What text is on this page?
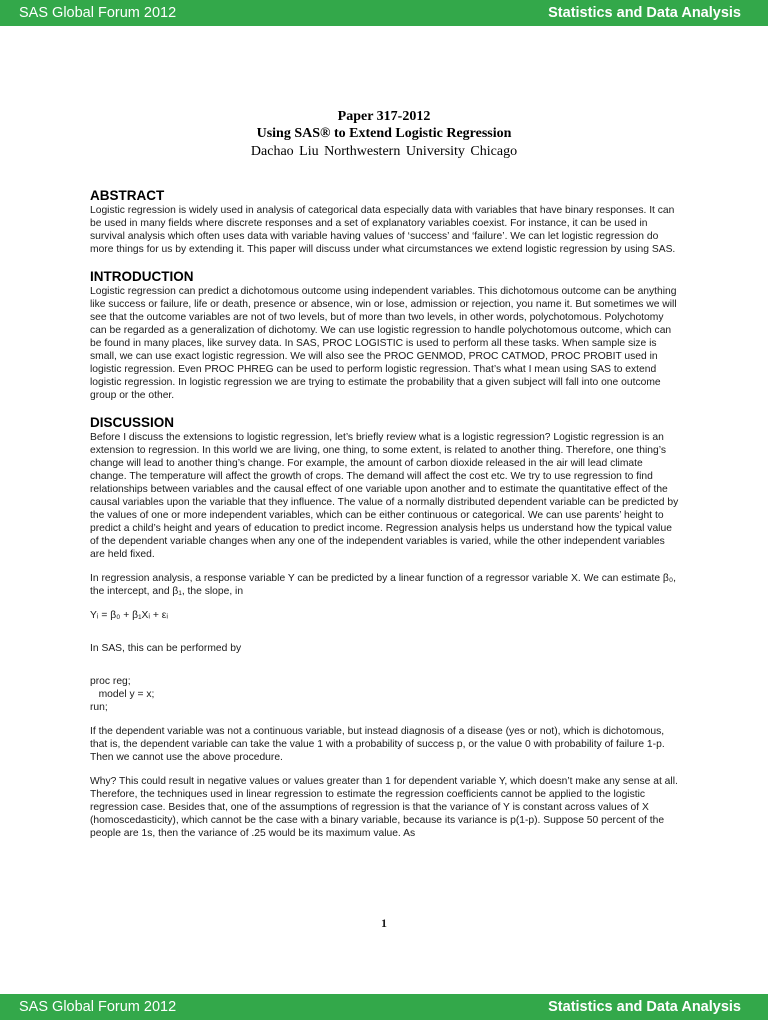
SAS Global Forum 2012	Statistics and Data Analysis
Paper 317-2012
Using SAS® to Extend Logistic Regression
Dachao Liu Northwestern University Chicago
ABSTRACT

Logistic regression is widely used in analysis of categorical data especially data with variables that have binary responses. It can be used in many fields where discrete responses and a set of explanatory variables coexist. For instance, it can be used in survival analysis which often uses data with variable having values of ‘success’ and ‘failure’. We can let logistic regression do more things for us by extending it. This paper will discuss under what circumstances we extend logistic regression by using SAS.

INTRODUCTION

Logistic regression can predict a dichotomous outcome using independent variables. This dichotomous outcome can be anything like success or failure, life or death, presence or absence, win or lose, admission or rejection, you name it. But sometimes we will see that the outcome variables are not of two levels, but of more than two levels, in other words, polychotomous. Polychotomy can be regarded as a generalization of dichotomy. We can use logistic regression to handle polychotomous outcome, which can be found in many places, like survey data. In SAS, PROC LOGISTIC is used to perform all these tasks. When sample size is small, we can use exact logistic regression. We will also see the PROC GENMOD, PROC CATMOD, PROC PROBIT used in logistic regression. Even PROC PHREG can be used to perform logistic regression. That’s what I mean using SAS to extend logistic regression. In logistic regression we are trying to estimate the probability that a given subject will fall into one outcome group or the other.

DISCUSSION

Before I discuss the extensions to logistic regression, let’s briefly review what is a logistic regression? Logistic regression is an extension to regression. In this world we are living, one thing, to some extent, is related to another thing. Therefore, one thing’s change will lead to another thing’s change. For example, the amount of carbon dioxide released in the air will lead climate change. The temperature will affect the growth of crops. The demand will affect the cost etc. We try to use regression to find relationships between variables and the causal effect of one variable upon another and to estimate the quantitative effect of the causal variables upon the variable that they influence. The value of a normally distributed dependent variable can be predicted by the values of one or more independent variables, which can be either continuous or categorical. We can use parents’ height to predict a child’s height and years of education to predict income. Regression analysis helps us understand how the typical value of the dependent variable changes when any one of the independent variables is varied, while the other independent variables are held fixed.

In regression analysis, a response variable Y can be predicted by a linear function of a regressor variable X. We can estimate β₀, the intercept, and β₁, the slope, in

Yᵢ = β₀ + β₁Xᵢ + εᵢ

In SAS, this can be performed by

proc reg;
model y = x;
run;

If the dependent variable was not a continuous variable, but instead diagnosis of a disease (yes or not), which is dichotomous, that is, the dependent variable can take the value 1 with a probability of success p, or the value 0 with probability of failure 1-p. Then we cannot use the above procedure.

Why? This could result in negative values or values greater than 1 for dependent variable Y, which doesn’t make any sense at all. Therefore, the techniques used in linear regression to estimate the regression coefficients cannot be applied to the logistic regression case. Besides that, one of the assumptions of regression is that the variance of Y is constant across values of X (homoscedasticity), which cannot be the case with a binary variable, because its variance is p(1-p). Suppose 50 percent of the people are 1s, then the variance of .25 would be its maximum value. As

1
SAS Global Forum 2012	Statistics and Data Analysis
